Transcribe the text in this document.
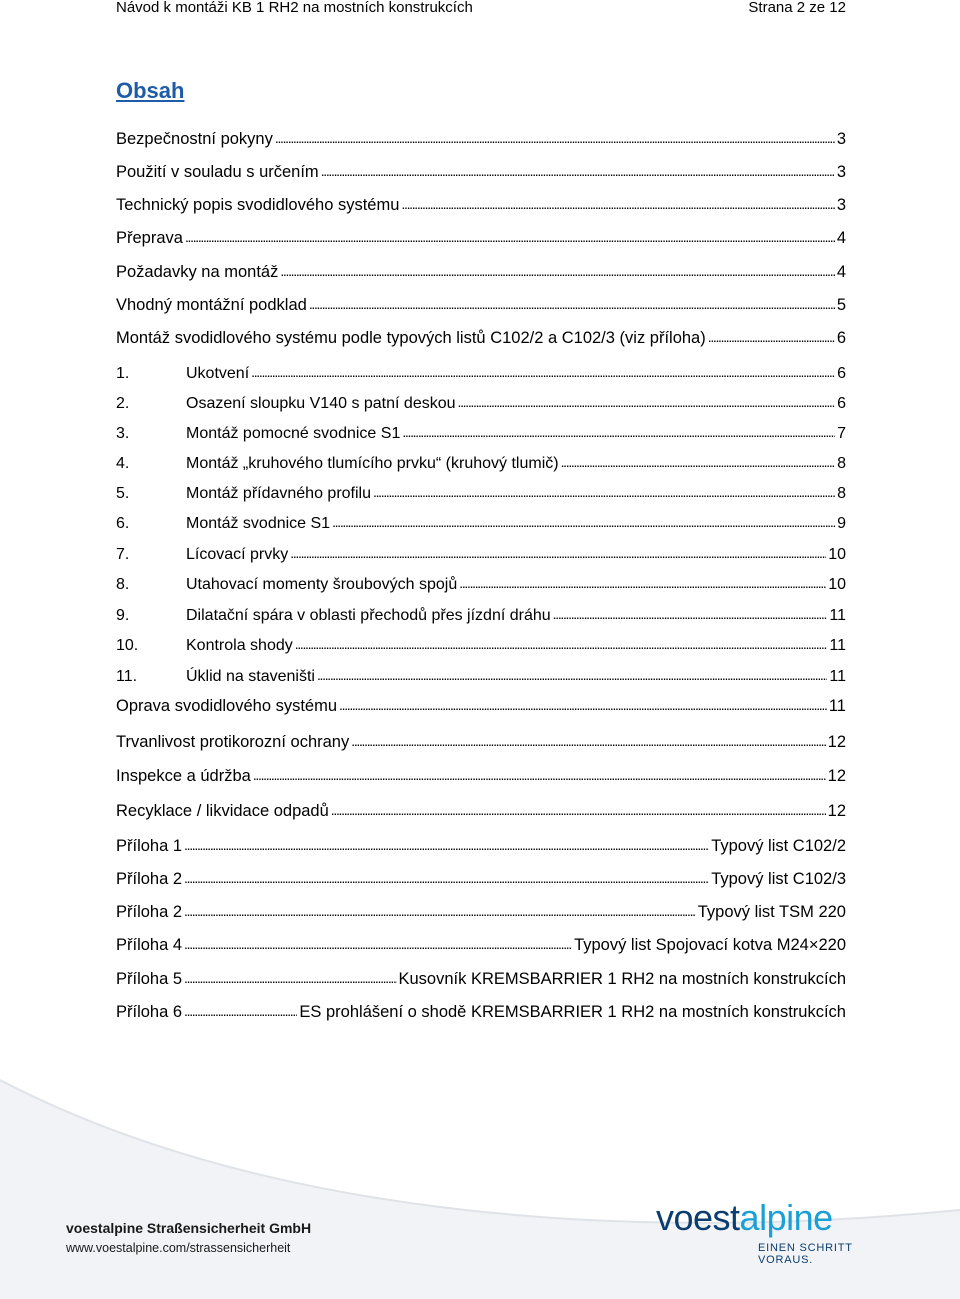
Návod k montáži KB 1 RH2 na mostních konstrukcích	Strana 2 ze 12
Obsah
Bezpečnostní pokyny . . .	3
Použití v souladu s určením . . .	3
Technický popis svodidlového systému . . .	3
Přeprava . . .	4
Požadavky na montáž . . .	4
Vhodný montážní podklad . . .	5
Montáž svodidlového systému podle typových listů C102/2 a C102/3 (viz příloha) . . .	6
1.	Ukotvení . . .	6
2.	Osazení sloupku V140 s patní deskou . . .	6
3.	Montáž pomocné svodnice S1 . . .	7
4.	Montáž „kruhového tlumícího prvku“ (kruhový tlumič) . . .	8
5.	Montáž přídavného profilu . . .	8
6.	Montáž svodnice S1 . . .	9
7.	Lícovací prvky . . .	10
8.	Utahovací momenty šroubových spojů . . .	10
9.	Dilatační spára v oblasti přechodů přes jízdní dráhu . . .	11
10.	Kontrola shody . . .	11
11.	Úklid na staveništi . . .	11
Oprava svodidlového systému . . .	11
Trvanlivost protikorozní ochrany . . .	12
Inspekce a údržba . . .	12
Recyklace / likvidace odpadů . . .	12
Příloha 1 . . .	Typový list C102/2
Příloha 2 . . .	Typový list C102/3
Příloha 2 . . .	Typový list TSM 220
Příloha 4 . . .	Typový list Spojovací kotva M24×220
Příloha 5 . . .	Kusovník KREMSBARRIER 1 RH2 na mostních konstrukcích
Příloha 6 . . .	ES prohlášení o shodě KREMSBARRIER 1 RH2 na mostních konstrukcích
voestalpine Straßensicherheit GmbH
www.voestalpine.com/strassensicherheit
voestalpine
EINEN SCHRITT VORAUS.
